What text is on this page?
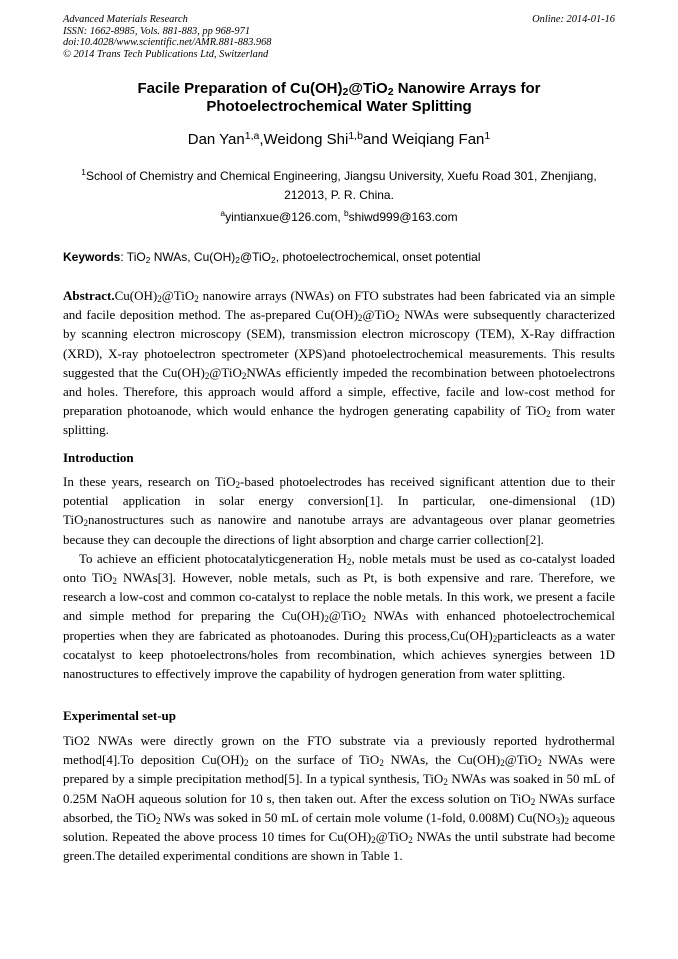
Advanced Materials Research
ISSN: 1662-8985, Vols. 881-883, pp 968-971
doi:10.4028/www.scientific.net/AMR.881-883.968
© 2014 Trans Tech Publications Ltd, Switzerland
Online: 2014-01-16
Facile Preparation of $Cu(OH)_2@TiO_2$ Nanowire Arrays for
Photoelectrochemical Water Splitting
Dan Yan$^{1,a}$,Weidong Shi$^{1,b}$and Weiqiang Fan$^1$
$^1$School of Chemistry and Chemical Engineering, Jiangsu University, Xuefu Road 301, Zhenjiang, 212013, P. R. China.
$^a$yintianxue@126.com, $^b$shiwd999@163.com
Keywords: TiO$_2$ NWAs, $Cu(OH)_2@TiO_2$, photoelectrochemical, onset potential

$Abstract.Cu(OH)_2@TiO_2$ nanowire arrays (NWAs) on FTO substrates had been fabricated via an simple and facile deposition method. The as-prepared $Cu(OH)_2@TiO_2$ NWAs were subsequently characterized by scanning electron microscopy (SEM), transmission electron microscopy (TEM), X-Ray diffraction (XRD), X-ray photoelectron spectrometer (XPS)and photoelectrochemical measurements. This results suggested that the $Cu(OH)_2@TiO_2NWAs$ efficiently impeded the recombination between photoelectrons and holes. Therefore, this approach would afford a simple, effective, facile and low-cost method for preparation photoanode, which would enhance the hydrogen generating capability of TiO$_2$ from water splitting.

Introduction

In these years, research on TiO$_2$-based photoelectrodes has received significant attention due to their potential application in solar energy conversion[1]. In particular, one-dimensional (1D) TiO$_2$nanostructures such as nanowire and nanotube arrays are advantageous over planar geometries because they can decouple the directions of light absorption and charge carrier collection[2].

To achieve an efficient photocatalyticgeneration $H_2$, noble metals must be used as co-catalyst loaded onto TiO$_2$ NWAs[3]. However, noble metals, such as Pt, is both expensive and rare. Therefore, we research a low-cost and common co-catalyst to replace the noble metals. In this work, we present a facile and simple method for preparing the $Cu(OH)_2@TiO_2$ NWAs with enhanced photoelectrochemical properties when they are fabricated as photoanodes. During this $process,Cu(OH)_2particleacts$ as a water cocatalyst to keep photoelectrons/holes from recombination, which achieves synergies between 1D nanostructures to effectively improve the capability of hydrogen generation from water splitting.

Experimental set-up

TiO2 NWAs were directly grown on the FTO substrate via a previously reported hydrothermal method[4].To deposition $Cu(OH)_2$ on the surface of TiO$_2$ NWAs, the $Cu(OH)_2@TiO_2$ NWAs were prepared by a simple precipitation method[5]. In a typical synthesis, TiO$_2$ NWAs was soaked in 50 mL of 0.25M NaOH aqueous solution for 10 s, then taken out. After the excess solution on TiO$_2$ NWAs surface absorbed, the TiO$_2$ NWs was soked in 50 mL of certain mole volume (1-fold, 0.008M) $Cu(NO_3)_2$ aqueous solution. Repeated the above process 10 times for $Cu(OH)_2@TiO_2$ NWAs the until substrate had become green.The detailed experimental conditions are shown in Table 1.
